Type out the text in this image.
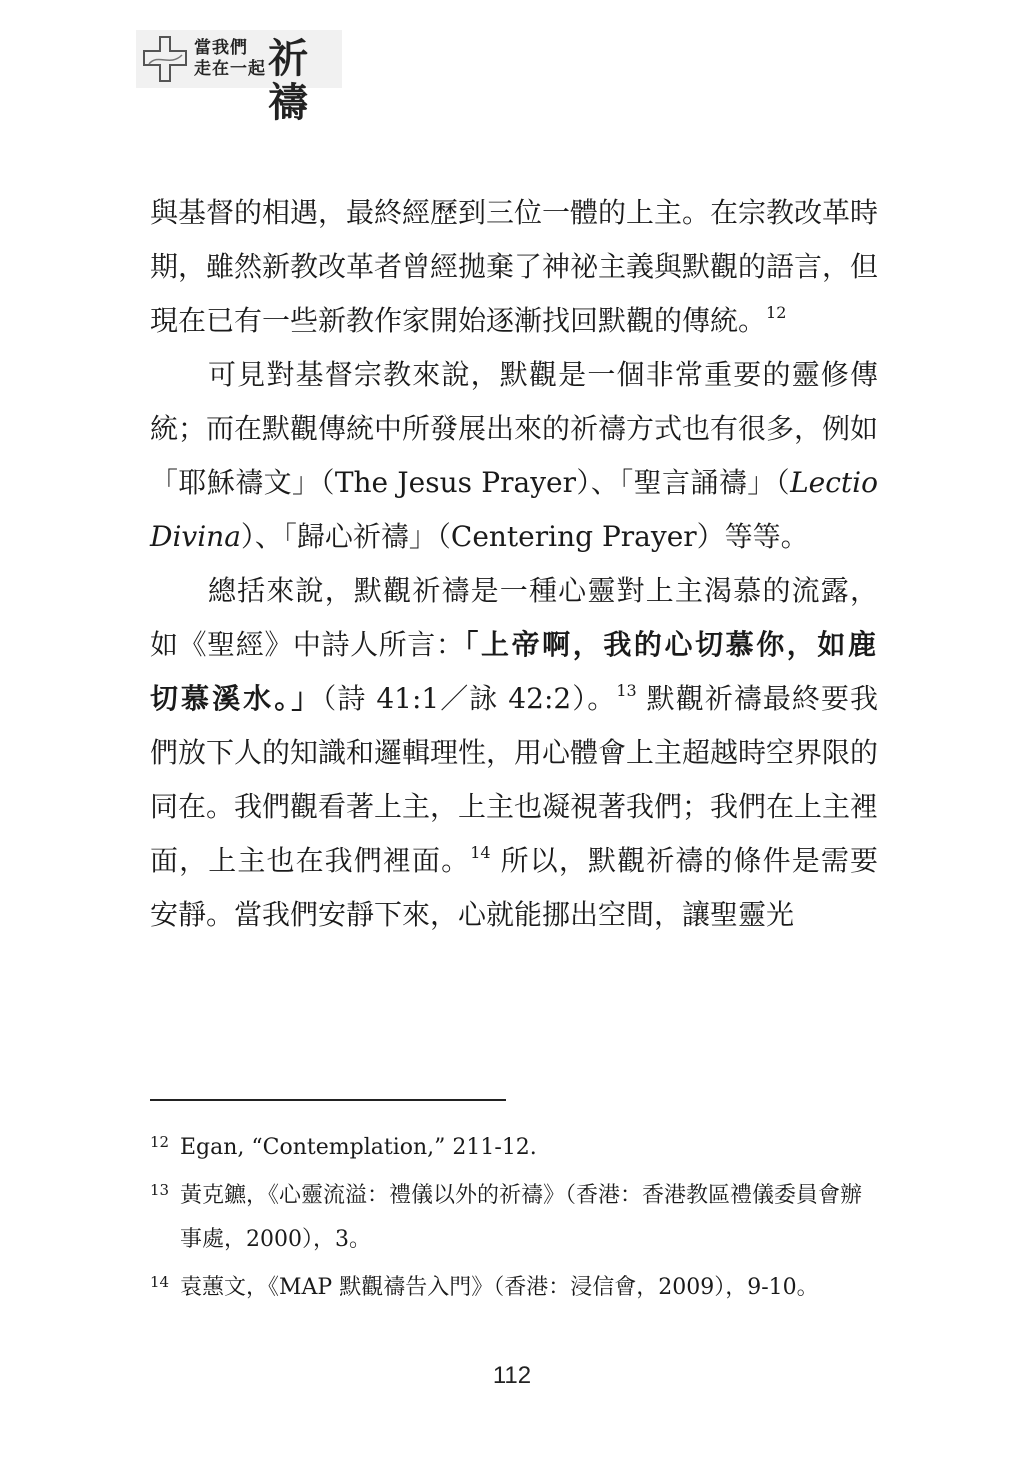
當我們
走在一起 祈禱

與基督的相遇，最終經歷到三位一體的上主。在宗教改革時期，雖然新教改革者曾經拋棄了神祕主義與默觀的語言，但現在已有一些新教作家開始逐漸找回默觀的傳統。$^{12}$

可見對基督宗教來說，默觀是一個非常重要的靈修傳統；而在默觀傳統中所發展出來的祈禱方式也有很多，例如「耶穌禱文」（The Jesus Prayer）、「聖言誦禱」（Lectio Divina）、「歸心祈禱」（Centering Prayer）等等。

總括來說，默觀祈禱是一種心靈對上主渴慕的流露，如《聖經》中詩人所言：「上帝啊，我的心切慕你，如鹿切慕溪水。」（詩 41:1／詠 42:2）。$^{13}$ 默觀祈禱最終要我們放下人的知識和邏輯理性，用心體會上主超越時空界限的同在。我們觀看著上主，上主也凝視著我們；我們在上主裡面，上主也在我們裡面。$^{14}$ 所以，默觀祈禱的條件是需要安靜。當我們安靜下來，心就能挪出空間，讓聖靈光

12 Egan, “Contemplation,” 211-12.

13 黃克鑣，《心靈流溢：禮儀以外的祈禱》（香港：香港教區禮儀委員會辦事處，2000），3。

14 袁蕙文，《MAP 默觀禱告入門》（香港：浸信會，2009），9-10。

112
